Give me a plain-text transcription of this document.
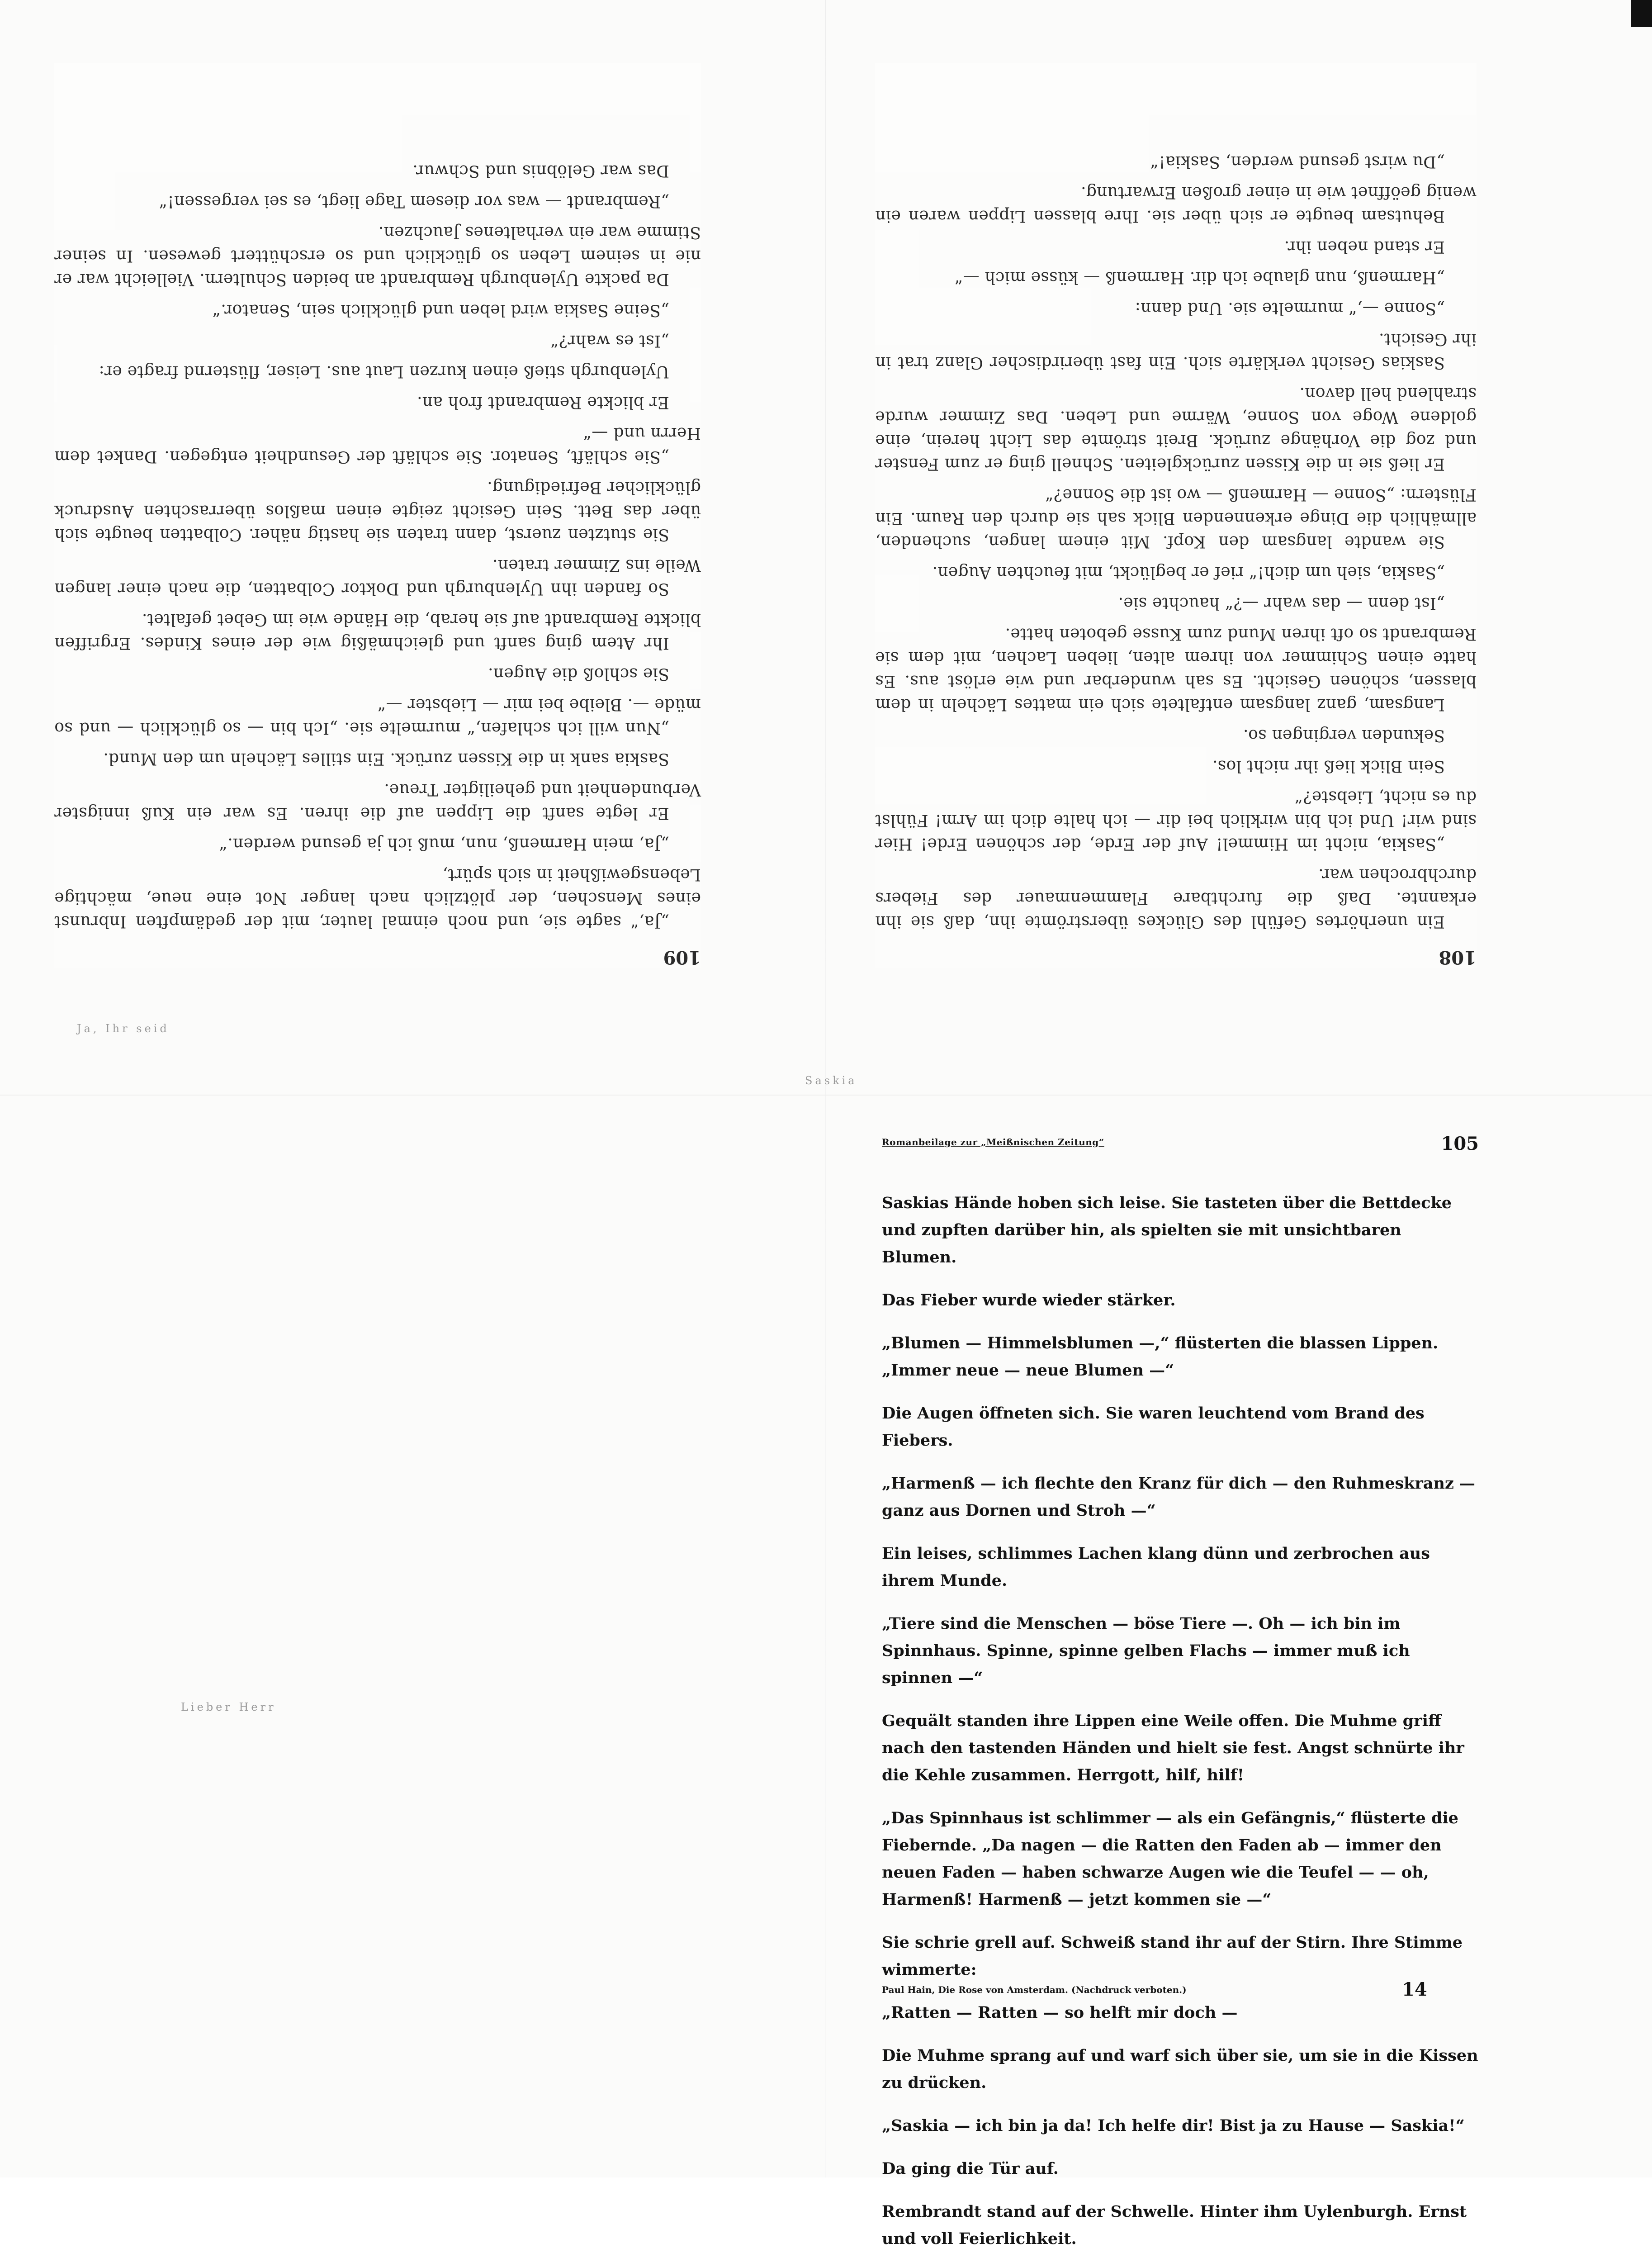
108

Ein unerhörtes Gefühl des Glückes überströmte ihn, daß sie ihn erkannte. Daß die furchtbare Flammenmauer des Fiebers durchbrochen war.

„Saskia, nicht im Himmel! Auf der Erde, der schönen Erde! Hier sind wir! Und ich bin wirklich bei dir — ich halte dich im Arm! Fühlst du es nicht, Liebste?“

Sein Blick ließ ihr nicht los.

Sekunden vergingen so.

Langsam, ganz langsam entfaltete sich ein mattes Lächeln in dem blassen, schönen Gesicht. Es sah wunderbar und wie erlöst aus. Es hatte einen Schimmer von ihrem alten, lieben Lachen, mit dem sie Rembrandt so oft ihren Mund zum Kusse geboten hatte.

„Ist denn — das wahr —?“ hauchte sie.

„Saskia, sieh um dich!“ rief er beglückt, mit feuchten Augen.

Sie wandte langsam den Kopf. Mit einem langen, suchenden, allmählich die Dinge erkennenden Blick sah sie durch den Raum. Ein Flüstern: „Sonne — Harmenß — wo ist die Sonne?“

Er ließ sie in die Kissen zurückgleiten. Schnell ging er zum Fenster und zog die Vorhänge zurück. Breit strömte das Licht herein, eine goldene Woge von Sonne, Wärme und Leben. Das Zimmer wurde strahlend hell davon.

Saskias Gesicht verklärte sich. Ein fast überirdischer Glanz trat in ihr Gesicht.

„Sonne —,“ murmelte sie. Und dann:

„Harmenß, nun glaube ich dir. Harmenß — küsse mich —“

Er stand neben ihr.

Behutsam beugte er sich über sie. Ihre blassen Lippen waren ein wenig geöffnet wie in einer großen Erwartung.

„Du wirst gesund werden, Saskia!“

109

„Ja,“ sagte sie, und noch einmal lauter, mit der gedämpften Inbrunst eines Menschen, der plötzlich nach langer Not eine neue, mächtige Lebensgewißheit in sich spürt,

„Ja, mein Harmenß, nun, muß ich ja gesund werden.“

Er legte sanft die Lippen auf die ihren. Es war ein Kuß innigster Verbundenheit und geheiligter Treue.

Saskia sank in die Kissen zurück. Ein stilles Lächeln um den Mund.

„Nun will ich schlafen,“ murmelte sie. „Ich bin — so glücklich — und so müde —. Bleibe bei mir — Liebster —“

Sie schloß die Augen.

Ihr Atem ging sanft und gleichmäßig wie der eines Kindes. Ergriffen blickte Rembrandt auf sie herab, die Hände wie im Gebet gefaltet.

So fanden ihn Uylenburgh und Doktor Colbatten, die nach einer langen Weile ins Zimmer traten.

Sie stutzten zuerst, dann traten sie hastig näher. Colbatten beugte sich über das Bett. Sein Gesicht zeigte einen maßlos überraschten Ausdruck glücklicher Befriedigung.

„Sie schläft, Senator. Sie schläft der Gesundheit entgegen. Danket dem Herrn und —“

Er blickte Rembrandt froh an.

Uylenburgh stieß einen kurzen Laut aus. Leiser, flüsternd fragte er:

„Ist es wahr?“

„Seine Saskia wird leben und glücklich sein, Senator.“

Da packte Uylenburgh Rembrandt an beiden Schultern. Vielleicht war er nie in seinem Leben so glücklich und so erschüttert gewesen. In seiner Stimme war ein verhaltenes Jauchzen.

„Rembrandt — was vor diesem Tage liegt, es sei vergessen!“

Das war Gelöbnis und Schwur.

Ja, Ihr seid
Saskia
Lieber Herr
Romanbeilage zur „Meißnischen Zeitung“	105

Saskias Hände hoben sich leise. Sie tasteten über die Bettdecke und zupften darüber hin, als spielten sie mit unsichtbaren Blumen.

Das Fieber wurde wieder stärker.

„Blumen — Himmelsblumen —,“ flüsterten die blassen Lippen. „Immer neue — neue Blumen —“

Die Augen öffneten sich. Sie waren leuchtend vom Brand des Fiebers.

„Harmenß — ich flechte den Kranz für dich — den Ruhmeskranz — ganz aus Dornen und Stroh —“

Ein leises, schlimmes Lachen klang dünn und zerbrochen aus ihrem Munde.

„Tiere sind die Menschen — böse Tiere —. Oh — ich bin im Spinnhaus. Spinne, spinne gelben Flachs — immer muß ich spinnen —“

Gequält standen ihre Lippen eine Weile offen. Die Muhme griff nach den tastenden Händen und hielt sie fest. Angst schnürte ihr die Kehle zusammen. Herrgott, hilf, hilf!

„Das Spinnhaus ist schlimmer — als ein Gefängnis,“ flüsterte die Fiebernde. „Da nagen — die Ratten den Faden ab — immer den neuen Faden — haben schwarze Augen wie die Teufel — — oh, Harmenß! Harmenß — jetzt kommen sie —“

Sie schrie grell auf. Schweiß stand ihr auf der Stirn. Ihre Stimme wimmerte:

„Ratten — Ratten — so helft mir doch —

Die Muhme sprang auf und warf sich über sie, um sie in die Kissen zu drücken.

„Saskia — ich bin ja da! Ich helfe dir! Bist ja zu Hause — Saskia!“

Da ging die Tür auf.

Rembrandt stand auf der Schwelle. Hinter ihm Uylenburgh. Ernst und voll Feierlichkeit.

Paul Hain, Die Rose von Amsterdam. (Nachdruck verboten.)	14
